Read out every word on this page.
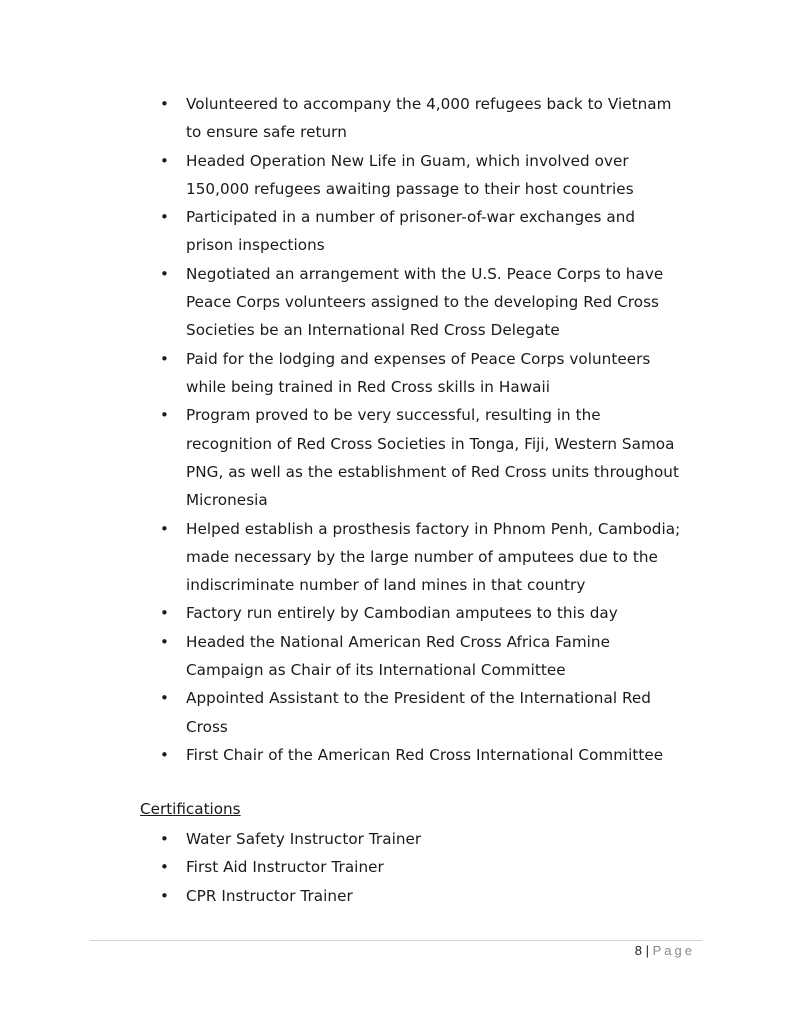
• Volunteered to accompany the 4,000 refugees back to Vietnam
to ensure safe return
• Headed Operation New Life in Guam, which involved over
150,000 refugees awaiting passage to their host countries
• Participated in a number of prisoner-of-war exchanges and
prison inspections
• Negotiated an arrangement with the U.S. Peace Corps to have
Peace Corps volunteers assigned to the developing Red Cross
Societies be an International Red Cross Delegate
• Paid for the lodging and expenses of Peace Corps volunteers
while being trained in Red Cross skills in Hawaii
• Program proved to be very successful, resulting in the
recognition of Red Cross Societies in Tonga, Fiji, Western Samoa
PNG, as well as the establishment of Red Cross units throughout
Micronesia
• Helped establish a prosthesis factory in Phnom Penh, Cambodia;
made necessary by the large number of amputees due to the
indiscriminate number of land mines in that country
• Factory run entirely by Cambodian amputees to this day
• Headed the National American Red Cross Africa Famine
Campaign as Chair of its International Committee
• Appointed Assistant to the President of the International Red
Cross
• First Chair of the American Red Cross International Committee
Certifications
• Water Safety Instructor Trainer
• First Aid Instructor Trainer
• CPR Instructor Trainer
8 | Page
